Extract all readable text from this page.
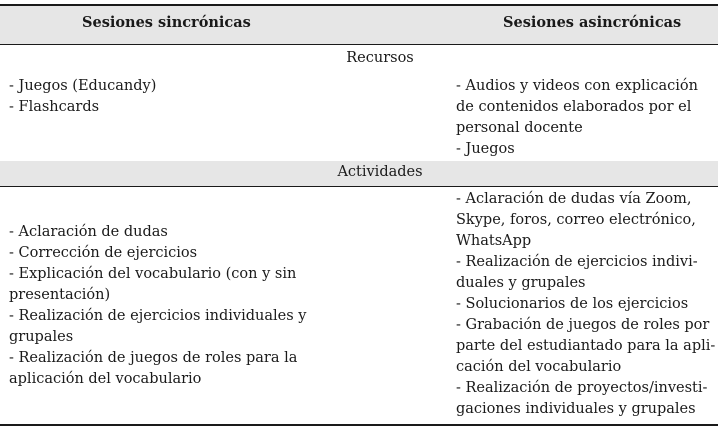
Sesiones sincrónicas	Sesiones asincrónicas
Recursos
- Juegos (Educandy)
- Flashcards
- Audios y videos con explicación
de contenidos elaborados por el
personal docente
- Juegos
Actividades
- Aclaración de dudas
- Corrección de ejercicios
- Explicación del vocabulario (con y sin
presentación)
- Realización de ejercicios individuales y
grupales
- Realización de juegos de roles para la
aplicación del vocabulario
- Aclaración de dudas vía Zoom,
Skype, foros, correo electrónico,
WhatsApp
- Realización de ejercicios indivi-
duales y grupales
- Solucionarios de los ejercicios
- Grabación de juegos de roles por
parte del estudiantado para la apli-
cación del vocabulario
- Realización de proyectos/investi-
gaciones individuales y grupales
